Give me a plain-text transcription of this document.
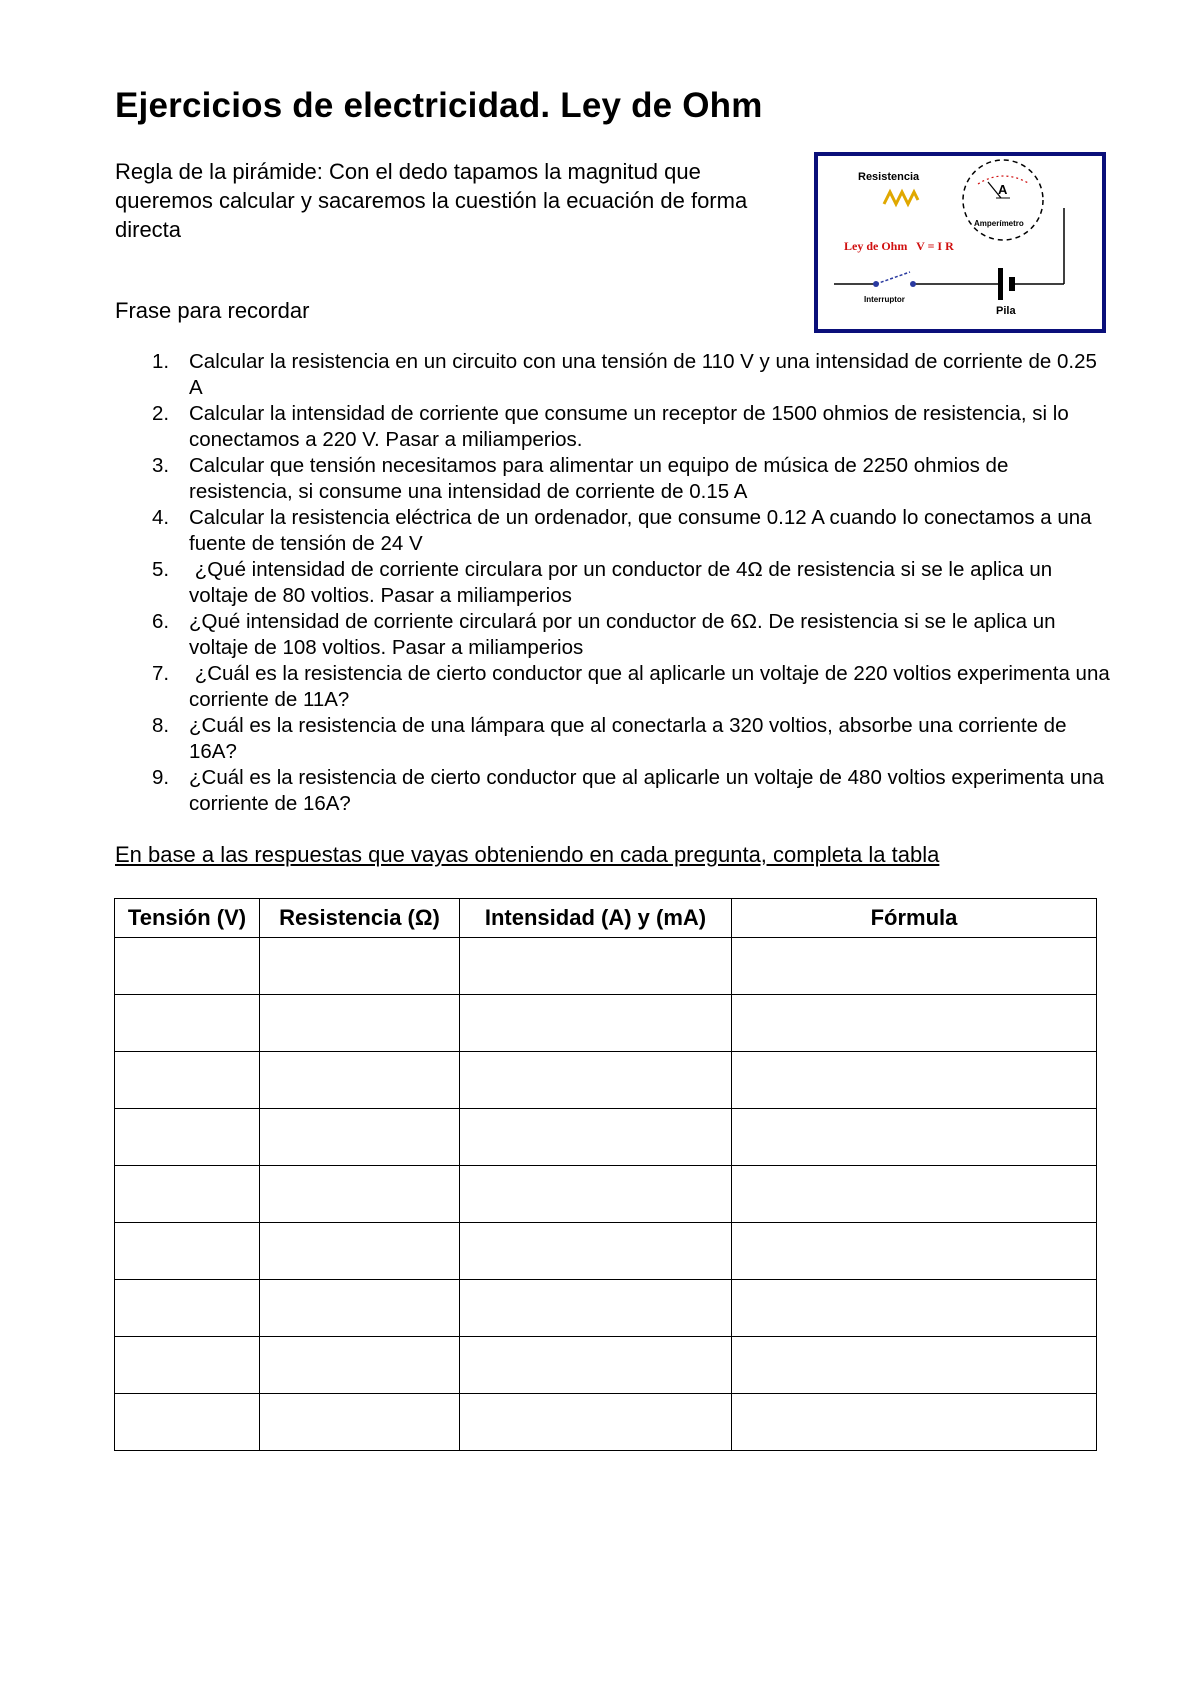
Ejercicios de electricidad. Ley de Ohm

Regla de la pirámide: Con el dedo tapamos la magnitud que queremos calcular y sacaremos la cuestión la ecuación de forma directa

Frase para recordar

Resistencia
A
Amperímetro
Ley de Ohm   V = I R
Pila
Interruptor
1. Calcular la resistencia en un circuito con una tensión de 110 V y una intensidad de corriente de 0.25 A
2. Calcular la intensidad de corriente que consume un receptor de 1500 ohmios de resistencia, si lo conectamos a 220 V. Pasar a miliamperios.
3. Calcular que tensión necesitamos para alimentar un equipo de música de 2250 ohmios de resistencia, si consume una intensidad de corriente de 0.15 A
4. Calcular la resistencia eléctrica de un ordenador, que consume 0.12 A cuando lo conectamos a una fuente de tensión de 24 V
5. ¿Qué intensidad de corriente circulara por un conductor de 4Ω de resistencia si se le aplica un voltaje de 80 voltios. Pasar a miliamperios
6. ¿Qué intensidad de corriente circulará por un conductor de 6Ω. De resistencia si se le aplica un voltaje de 108 voltios. Pasar a miliamperios
7. ¿Cuál es la resistencia de cierto conductor que al aplicarle un voltaje de 220 voltios experimenta una corriente de 11A?
8. ¿Cuál es la resistencia de una lámpara que al conectarla a 320 voltios, absorbe una corriente de 16A?
9. ¿Cuál es la resistencia de cierto conductor que al aplicarle un voltaje de 480 voltios experimenta una corriente de 16A?

En base a las respuestas que vayas obteniendo en cada pregunta, completa la tabla

Tensión (V)	Resistencia (Ω)	Intensidad (A) y (mA)	Fórmula
